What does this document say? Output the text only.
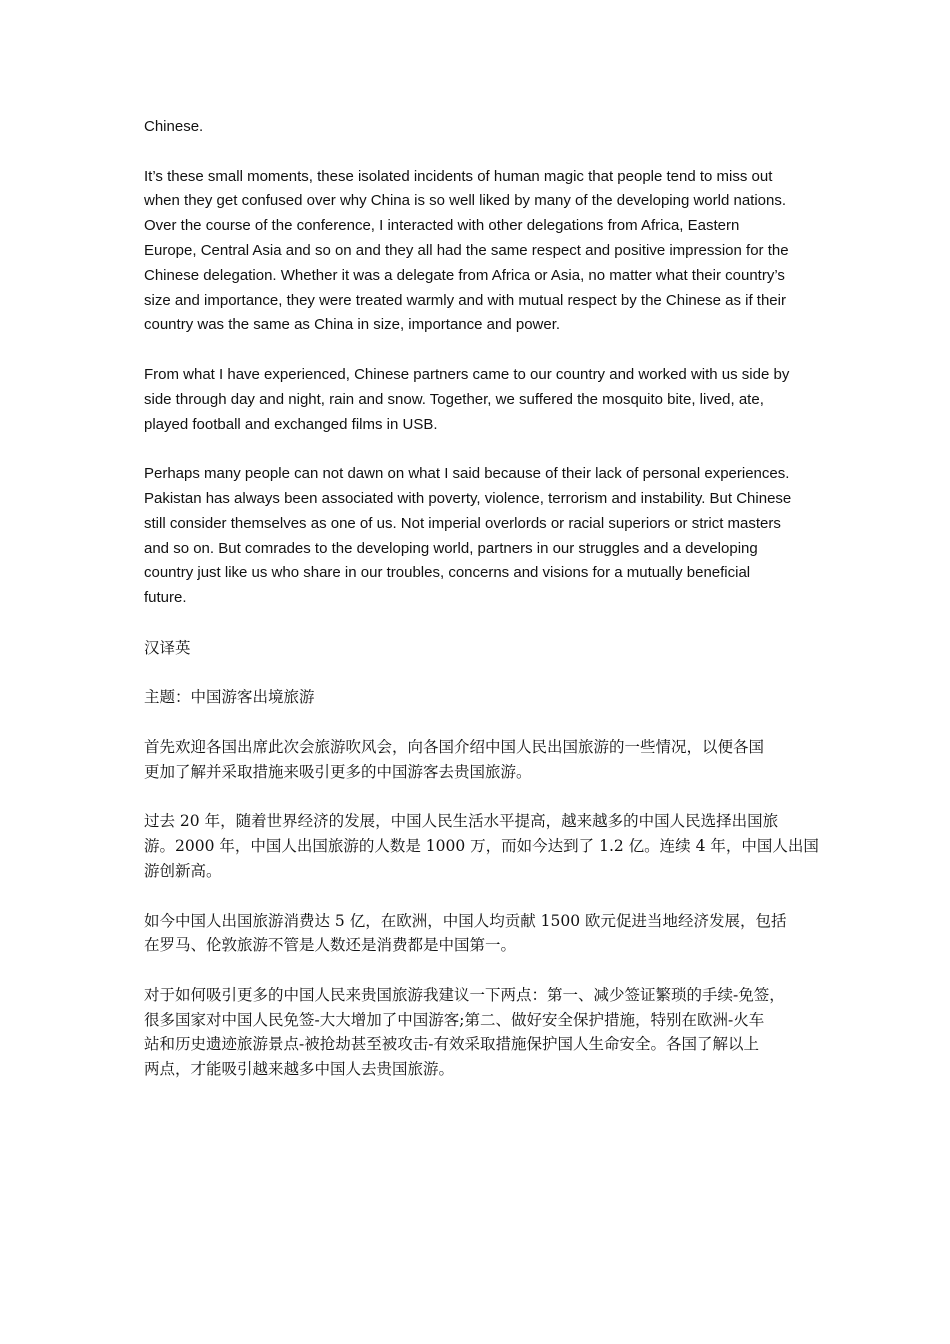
Chinese.

It’s these small moments, these isolated incidents of human magic that people tend to miss out
when they get confused over why China is so well liked by many of the developing world nations.
Over the course of the conference, I interacted with other delegations from Africa, Eastern
Europe, Central Asia and so on and they all had the same respect and positive impression for the
Chinese delegation. Whether it was a delegate from Africa or Asia, no matter what their country’s
size and importance, they were treated warmly and with mutual respect by the Chinese as if their
country was the same as China in size, importance and power.

From what I have experienced, Chinese partners came to our country and worked with us side by
side through day and night, rain and snow. Together, we suffered the mosquito bite, lived, ate,
played football and exchanged films in USB.

Perhaps many people can not dawn on what I said because of their lack of personal experiences.
Pakistan has always been associated with poverty, violence, terrorism and instability. But Chinese
still consider themselves as one of us. Not imperial overlords or racial superiors or strict masters
and so on. But comrades to the developing world, partners in our struggles and a developing
country just like us who share in our troubles, concerns and visions for a mutually beneficial
future.

汉译英

主题：中国游客出境旅游

首先欢迎各国出席此次会旅游吹风会，向各国介绍中国人民出国旅游的一些情况，以便各国
更加了解并采取措施来吸引更多的中国游客去贵国旅游。

过去 20 年，随着世界经济的发展，中国人民生活水平提高，越来越多的中国人民选择出国旅
游。2000 年，中国人出国旅游的人数是 1000 万，而如今达到了 1.2 亿。连续 4 年，中国人出国
游创新高。

如今中国人出国旅游消费达 5 亿，在欧洲，中国人均贡献 1500 欧元促进当地经济发展，包括
在罗马、伦敦旅游不管是人数还是消费都是中国第一。

对于如何吸引更多的中国人民来贵国旅游我建议一下两点：第一、减少签证繁琐的手续-免签，
很多国家对中国人民免签-大大增加了中国游客;第二、做好安全保护措施，特别在欧洲-火车
站和历史遗迹旅游景点-被抢劫甚至被攻击-有效采取措施保护国人生命安全。各国了解以上
两点，才能吸引越来越多中国人去贵国旅游。
